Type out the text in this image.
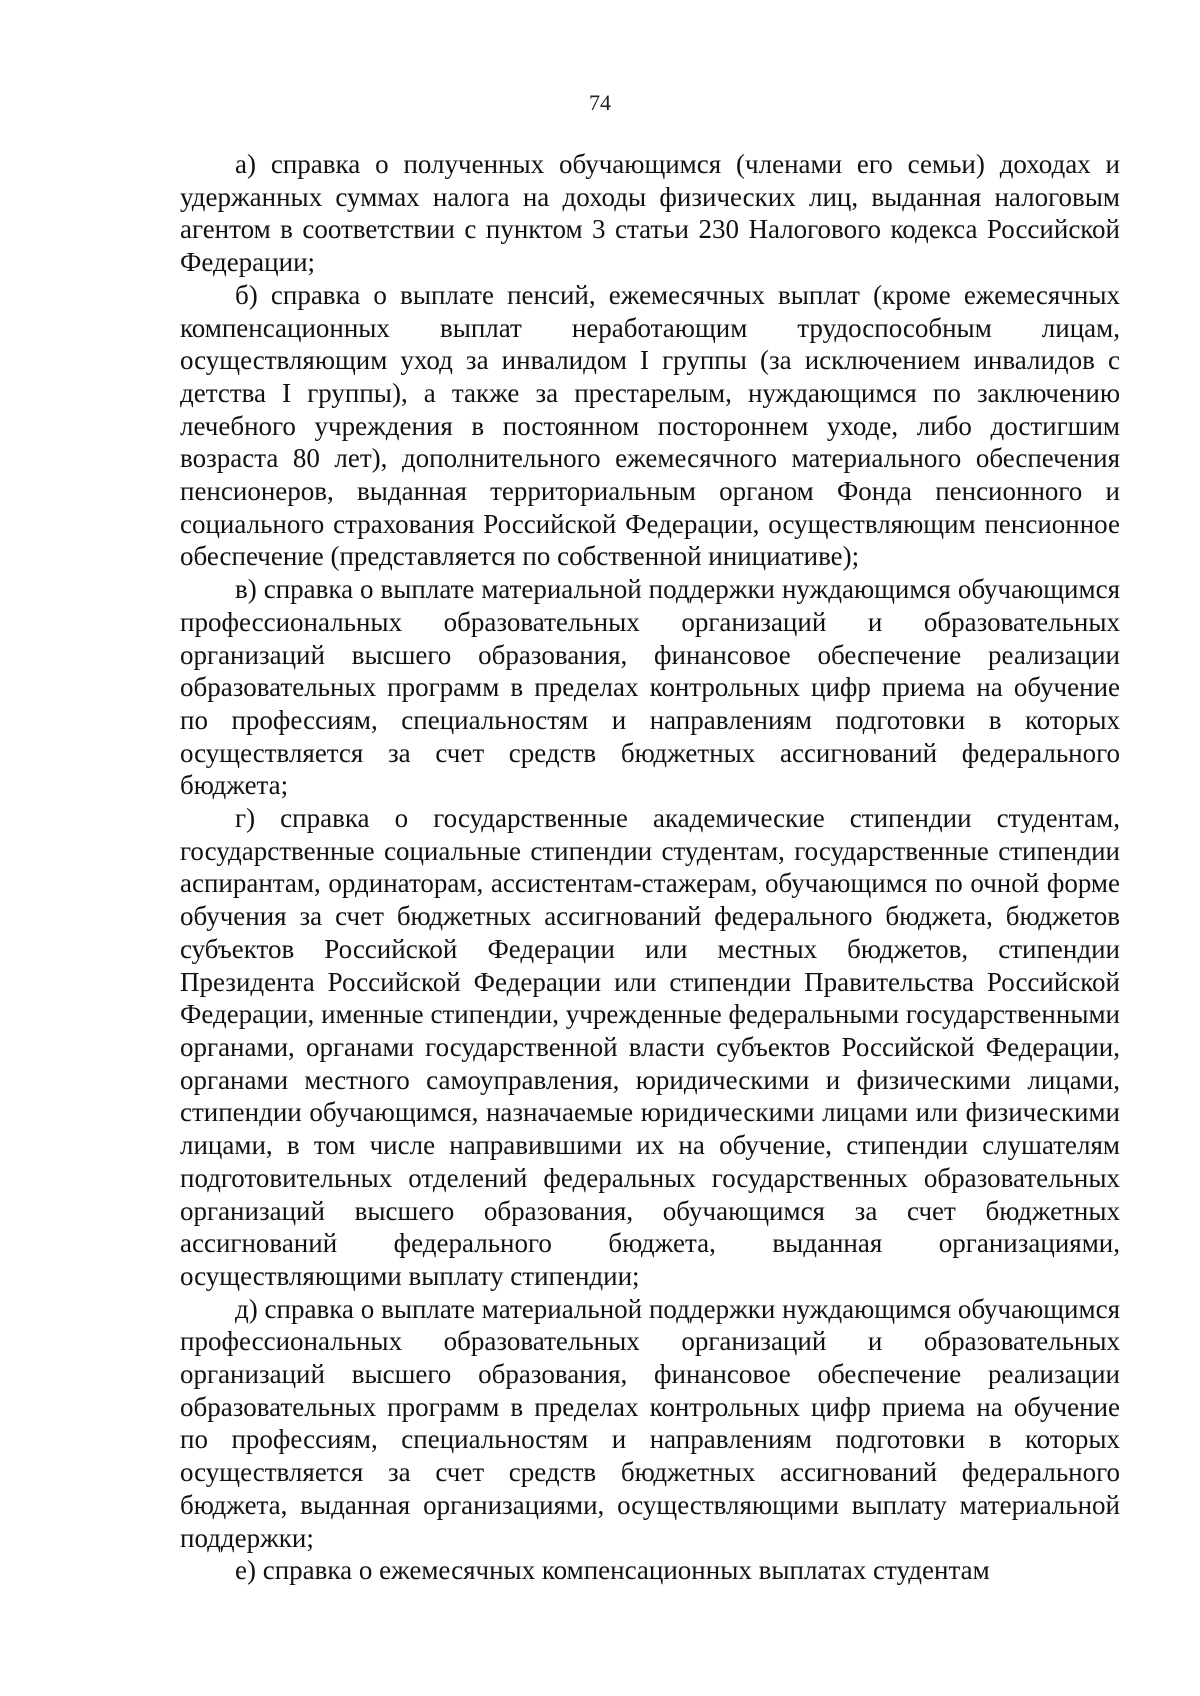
74

а) справка о полученных обучающимся (членами его семьи) доходах и удержанных суммах налога на доходы физических лиц, выданная налоговым агентом в соответствии с пунктом 3 статьи 230 Налогового кодекса Российской Федерации;

б) справка о выплате пенсий, ежемесячных выплат (кроме ежемесячных компенсационных выплат неработающим трудоспособным лицам, осуществляющим уход за инвалидом I группы (за исключением инвалидов с детства I группы), а также за престарелым, нуждающимся по заключению лечебного учреждения в постоянном постороннем уходе, либо достигшим возраста 80 лет), дополнительного ежемесячного материального обеспечения пенсионеров, выданная территориальным органом Фонда пенсионного и социального страхования Российской Федерации, осуществляющим пенсионное обеспечение (представляется по собственной инициативе);

в) справка о выплате материальной поддержки нуждающимся обучающимся профессиональных образовательных организаций и образовательных организаций высшего образования, финансовое обеспечение реализации образовательных программ в пределах контрольных цифр приема на обучение по профессиям, специальностям и направлениям подготовки в которых осуществляется за счет средств бюджетных ассигнований федерального бюджета;

г) справка о государственные академические стипендии студентам, государственные социальные стипендии студентам, государственные стипендии аспирантам, ординаторам, ассистентам-стажерам, обучающимся по очной форме обучения за счет бюджетных ассигнований федерального бюджета, бюджетов субъектов Российской Федерации или местных бюджетов, стипендии Президента Российской Федерации или стипендии Правительства Российской Федерации, именные стипендии, учрежденные федеральными государственными органами, органами государственной власти субъектов Российской Федерации, органами местного самоуправления, юридическими и физическими лицами, стипендии обучающимся, назначаемые юридическими лицами или физическими лицами, в том числе направившими их на обучение, стипендии слушателям подготовительных отделений федеральных государственных образовательных организаций высшего образования, обучающимся за счет бюджетных ассигнований федерального бюджета, выданная организациями, осуществляющими выплату стипендии;

д) справка о выплате материальной поддержки нуждающимся обучающимся профессиональных образовательных организаций и образовательных организаций высшего образования, финансовое обеспечение реализации образовательных программ в пределах контрольных цифр приема на обучение по профессиям, специальностям и направлениям подготовки в которых осуществляется за счет средств бюджетных ассигнований федерального бюджета, выданная организациями, осуществляющими выплату материальной поддержки;

е) справка о ежемесячных компенсационных выплатах студентам
